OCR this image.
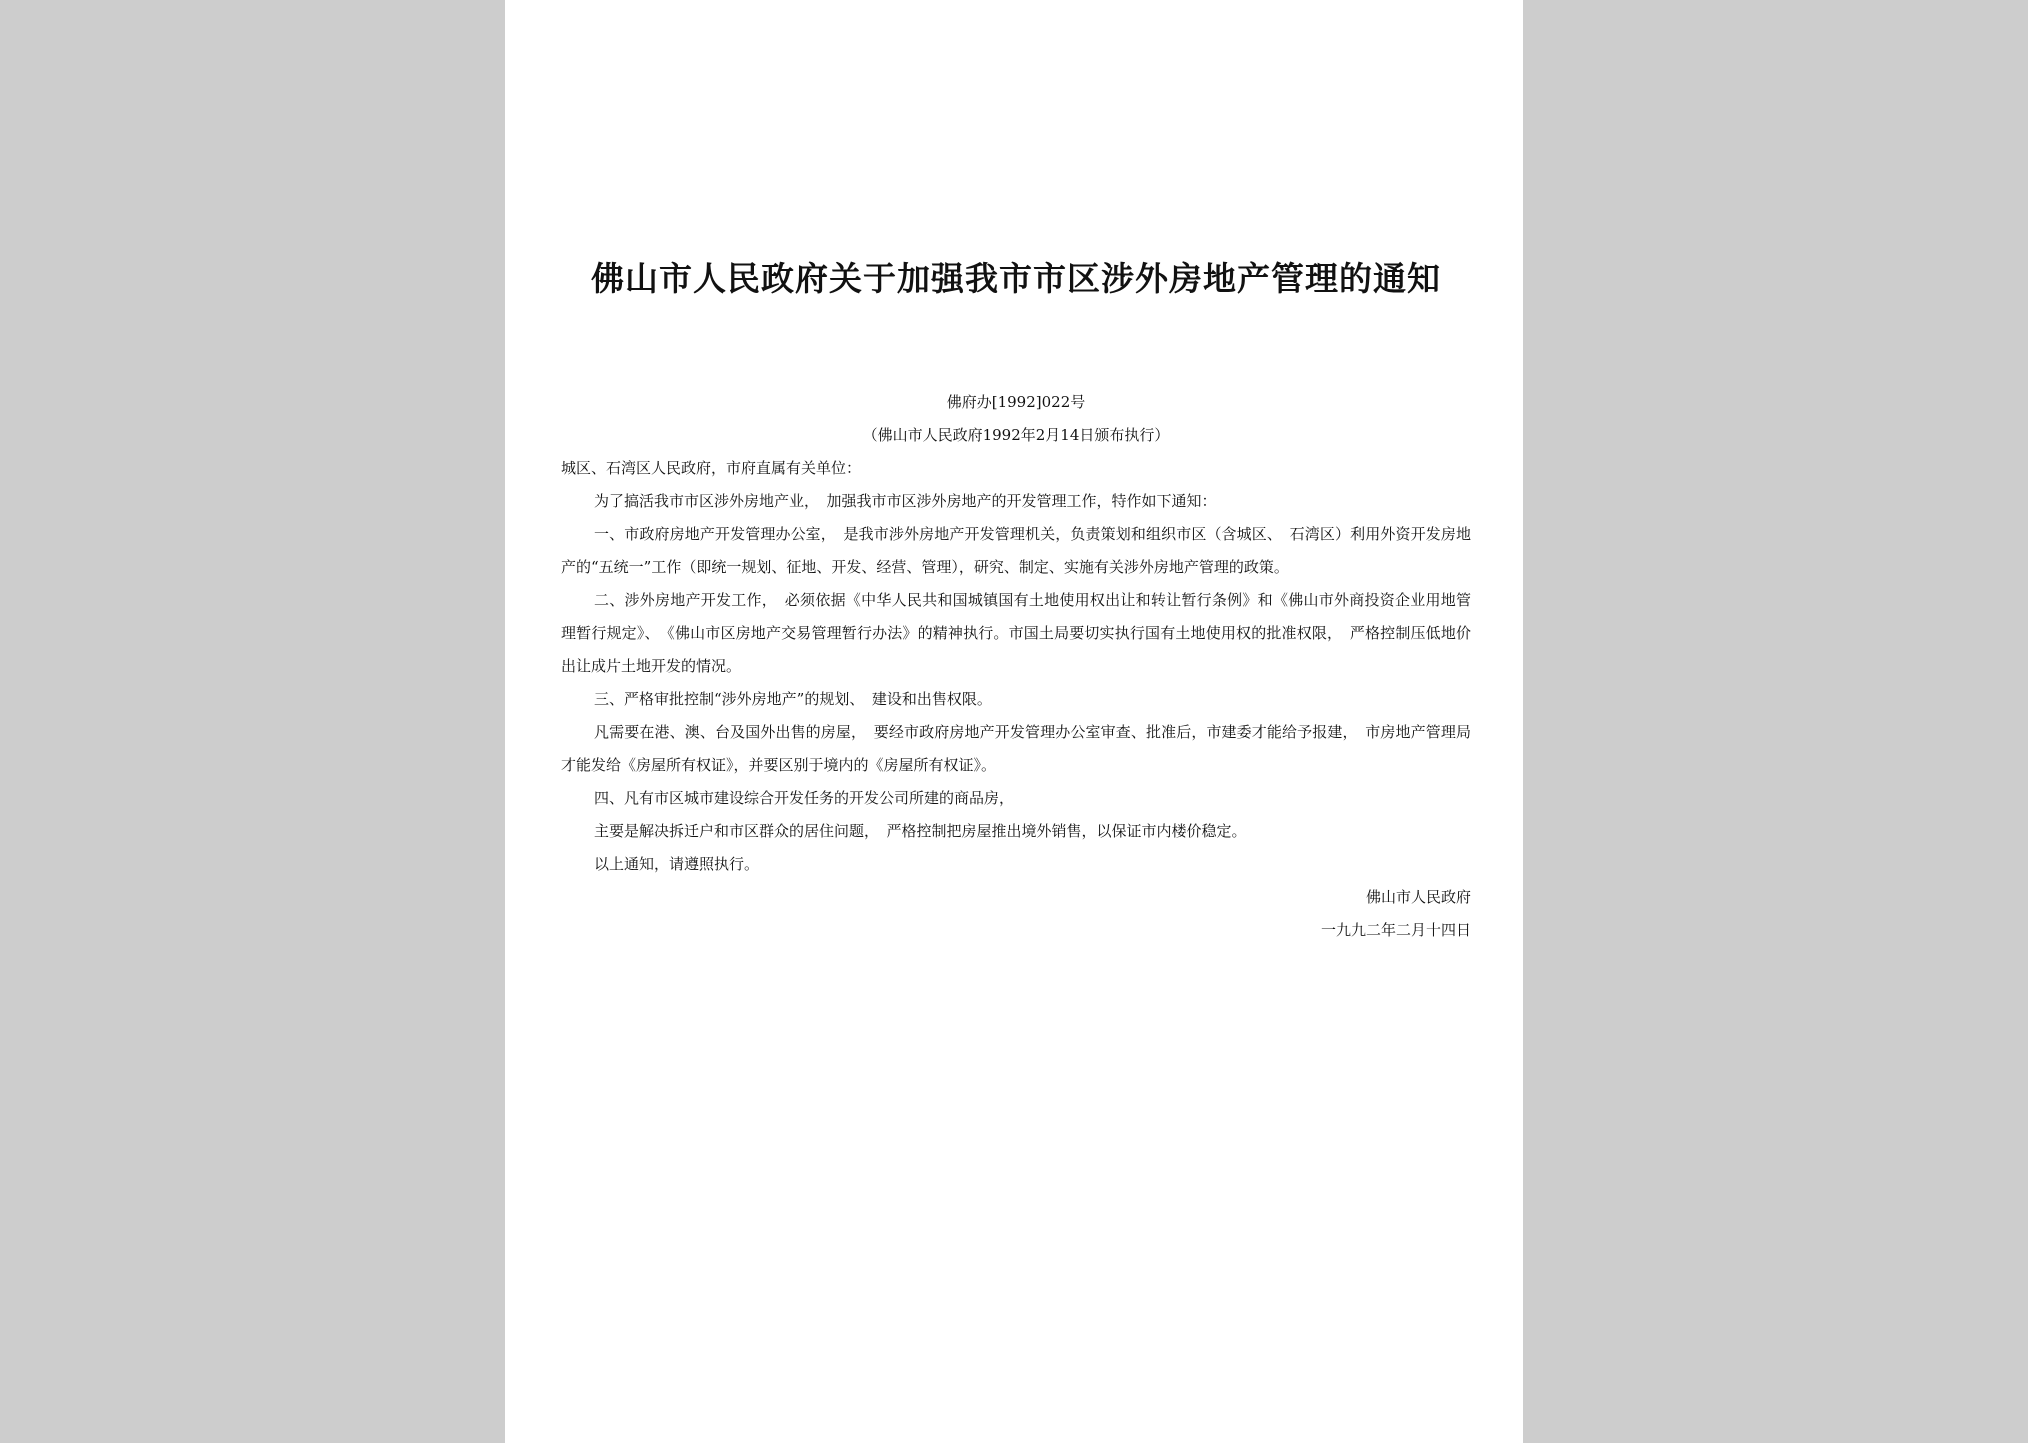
佛山市人民政府关于加强我市市区涉外房地产管理的通知
佛府办[1992]022号
（佛山市人民政府1992年2月14日颁布执行）
城区、石湾区人民政府，市府直属有关单位：

为了搞活我市市区涉外房地产业，　加强我市市区涉外房地产的开发管理工作，特作如下通知：

一、市政府房地产开发管理办公室，　是我市涉外房地产开发管理机关，负责策划和组织市区（含城区、　石湾区）利用外资开发房地产的“五统一”工作（即统一规划、征地、开发、经营、管理），研究、制定、实施有关涉外房地产管理的政策。

二、涉外房地产开发工作，　必须依据《中华人民共和国城镇国有土地使用权出让和转让暂行条例》和《佛山市外商投资企业用地管理暂行规定》、　《佛山市区房地产交易管理暂行办法》的精神执行。市国土局要切实执行国有土地使用权的批准权限，　严格控制压低地价出让成片土地开发的情况。

三、严格审批控制“涉外房地产”的规划、　建设和出售权限。

凡需要在港、澳、台及国外出售的房屋，　要经市政府房地产开发管理办公室审查、批准后，市建委才能给予报建，　市房地产管理局才能发给《房屋所有权证》，并要区别于境内的《房屋所有权证》。

四、凡有市区城市建设综合开发任务的开发公司所建的商品房，

主要是解决拆迁户和市区群众的居住问题，　严格控制把房屋推出境外销售，以保证市内楼价稳定。

以上通知，请遵照执行。

佛山市人民政府
一九九二年二月十四日
